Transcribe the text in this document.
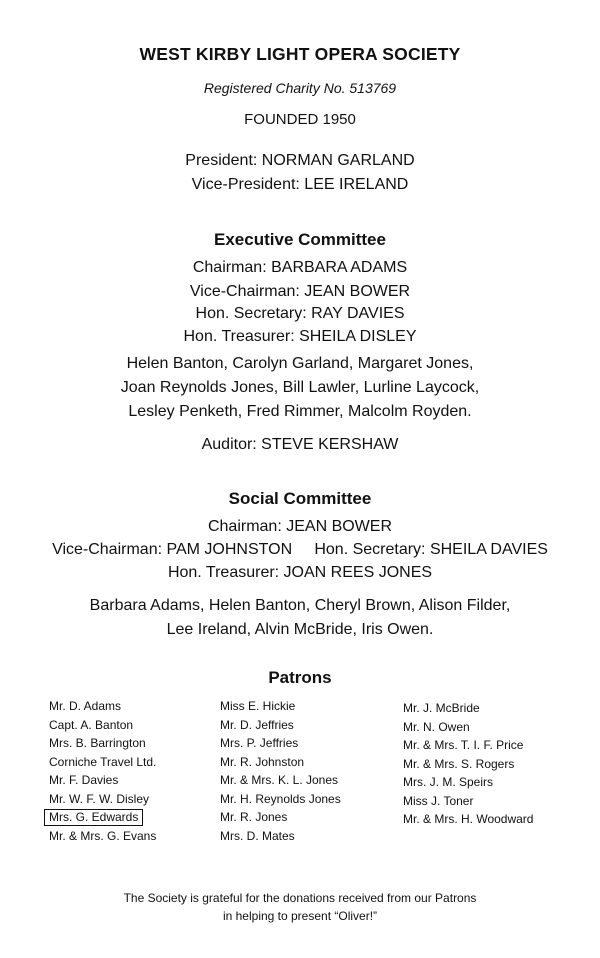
WEST KIRBY LIGHT OPERA SOCIETY
Registered Charity No. 513769
FOUNDED 1950
President: NORMAN GARLAND
Vice-President: LEE IRELAND
Executive Committee
Chairman: BARBARA ADAMS
Vice-Chairman: JEAN BOWER
Hon. Secretary: RAY DAVIES
Hon. Treasurer: SHEILA DISLEY
Helen Banton, Carolyn Garland, Margaret Jones,
Joan Reynolds Jones, Bill Lawler, Lurline Laycock,
Lesley Penketh, Fred Rimmer, Malcolm Royden.
Auditor: STEVE KERSHAW
Social Committee
Chairman: JEAN BOWER
Vice-Chairman: PAM JOHNSTON     Hon. Secretary: SHEILA DAVIES
Hon. Treasurer: JOAN REES JONES
Barbara Adams, Helen Banton, Cheryl Brown, Alison Filder,
Lee Ireland, Alvin McBride, Iris Owen.
Patrons
Mr. D. Adams
Capt. A. Banton
Mrs. B. Barrington
Corniche Travel Ltd.
Mr. F. Davies
Mr. W. F. W. Disley
Mrs. G. Edwards
Mr. & Mrs. G. Evans
Miss E. Hickie
Mr. D. Jeffries
Mrs. P. Jeffries
Mr. R. Johnston
Mr. & Mrs. K. L. Jones
Mr. H. Reynolds Jones
Mr. R. Jones
Mrs. D. Mates
Mr. J. McBride
Mr. N. Owen
Mr. & Mrs. T. I. F. Price
Mr. & Mrs. S. Rogers
Mrs. J. M. Speirs
Miss J. Toner
Mr. & Mrs. H. Woodward
The Society is grateful for the donations received from our Patrons
in helping to present “Oliver!”
